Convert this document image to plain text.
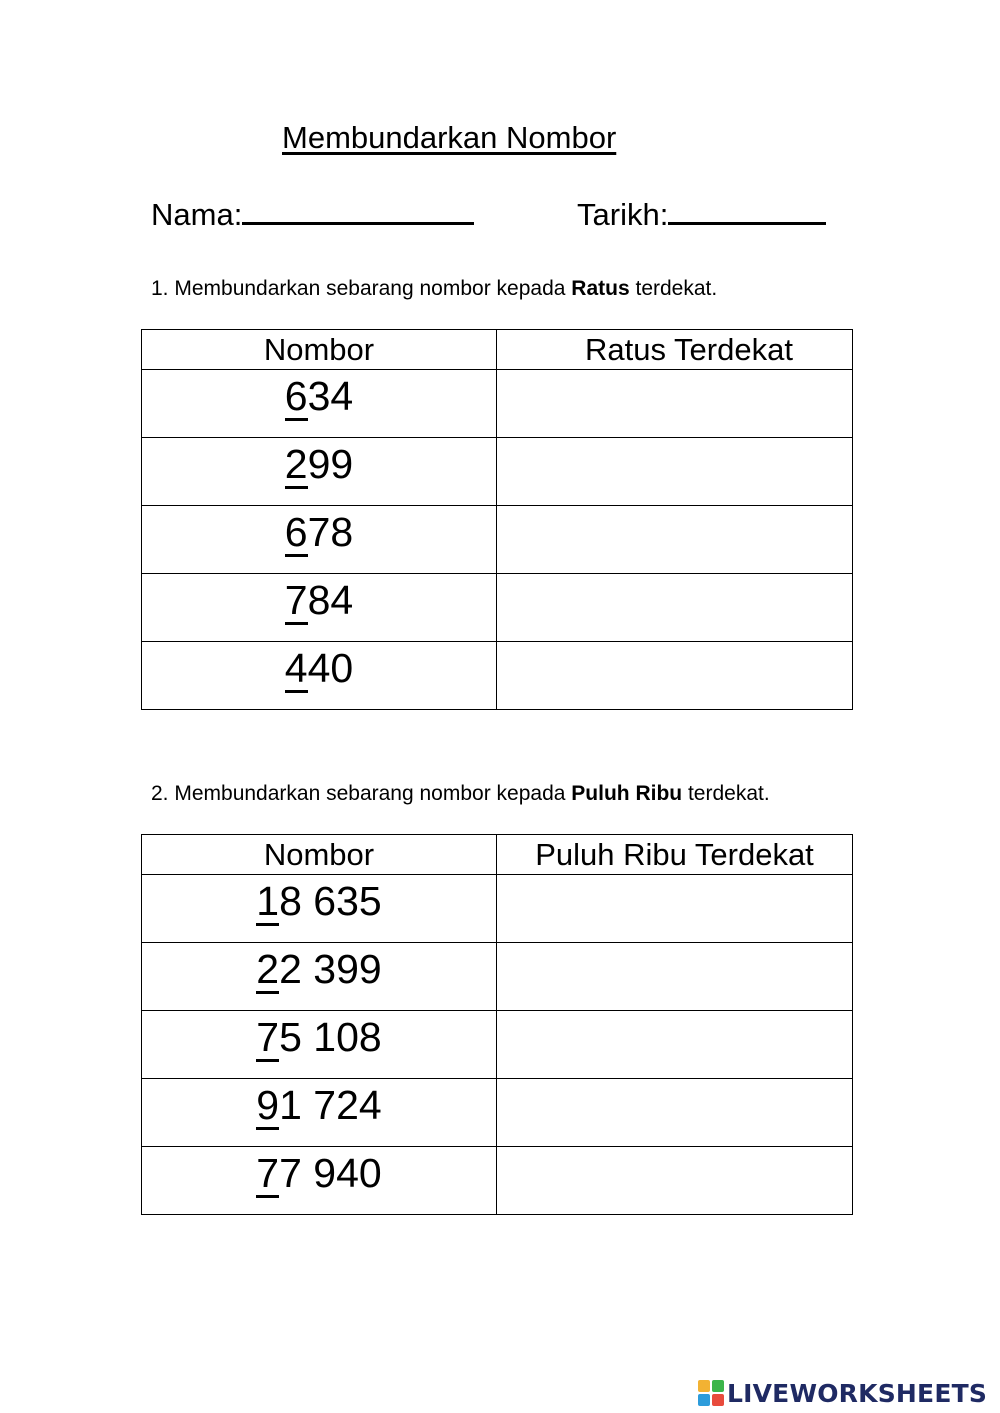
Membundarkan Nombor
Nama:	Tarikh:
1. Membundarkan sebarang nombor kepada Ratus terdekat.
Nombor	Ratus Terdekat
634	
299	
678	
784	
440	
2. Membundarkan sebarang nombor kepada Puluh Ribu terdekat.
Nombor	Puluh Ribu Terdekat
18 635	
22 399	
75 108	
91 724	
77 940	
LIVEWORKSHEETS
